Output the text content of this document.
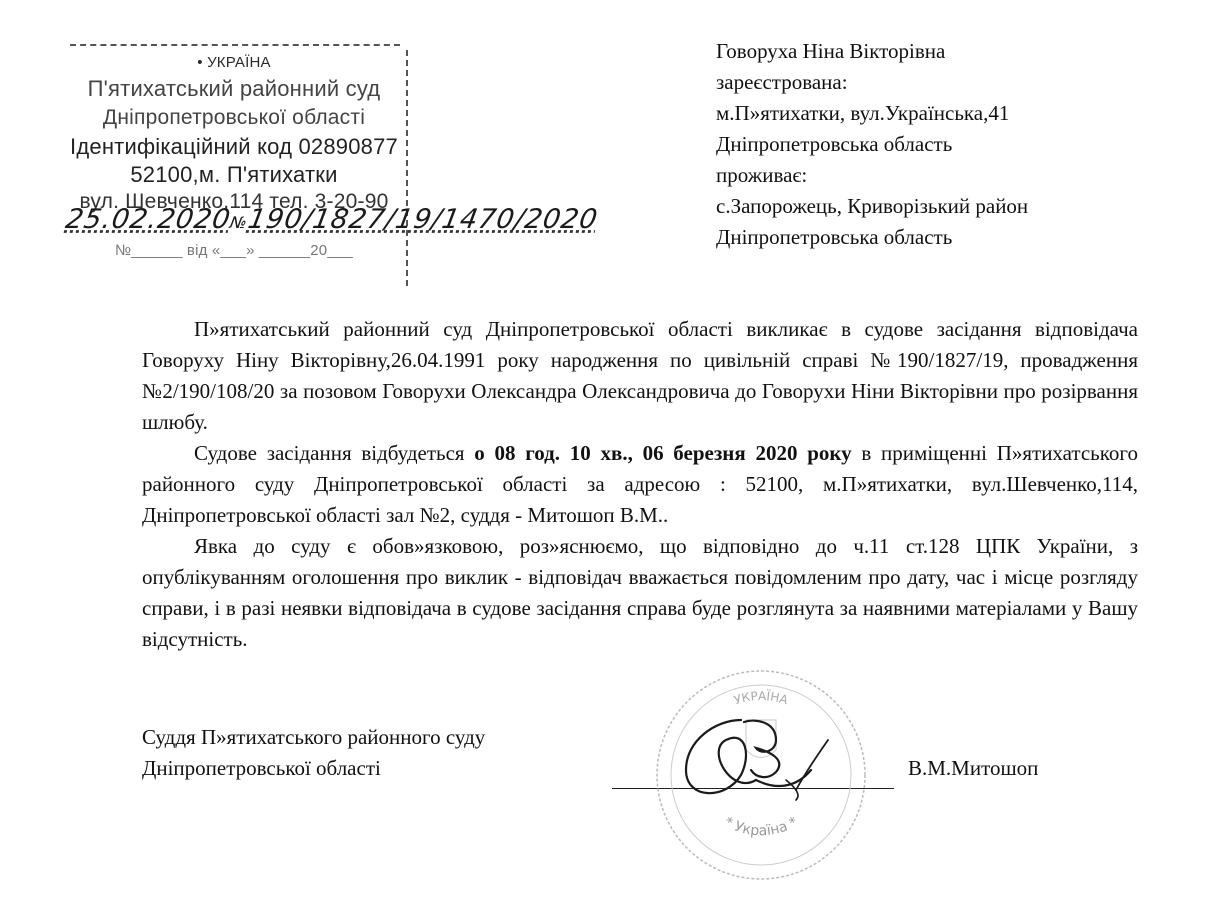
• УКРАЇНА
П'ятихатський районний суд
Дніпропетровської області
Ідентифікаційний код 02890877
52100,м. П'ятихатки
вул. Шевченко,114 тел. 3-20-90
№______ від «___» ______20___
25.02.2020№190/1827/19/1470/2020
Говоруха Ніна Вікторівна
зареєстрована:
м.П»ятихатки, вул.Українська,41
Дніпропетровська область
проживає:
с.Запорожець, Криворізький район
Дніпропетровська область

П»ятихатський районний суд Дніпропетровської області викликає в судове засідання відповідача Говоруху Ніну Вікторівну,26.04.1991 року народження по цивільній справі №190/1827/19, провадження №2/190/108/20 за позовом Говорухи Олександра Олександровича до Говорухи Ніни Вікторівни про розірвання шлюбу.

Судове засідання відбудеться о 08 год. 10 хв., 06 березня 2020 року в приміщенні П»ятихатського районного суду Дніпропетровської області за адресою : 52100, м.П»ятихатки, вул.Шевченко,114, Дніпропетровської області зал №2, суддя - Митошоп В.М..

Явка до суду є обов»язковою, роз»яснюємо, що відповідно до ч.11 ст.128 ЦПК України, з опублікуванням оголошення про виклик - відповідач вважається повідомленим про дату, час і місце розгляду справи, і в разі неявки відповідача в судове засідання справа буде розглянута за наявними матеріалами у Вашу відсутність.

Суддя П»ятихатського районного суду
Дніпропетровської області	В.М.Митошоп
УКРАЇНА
* Україна *
